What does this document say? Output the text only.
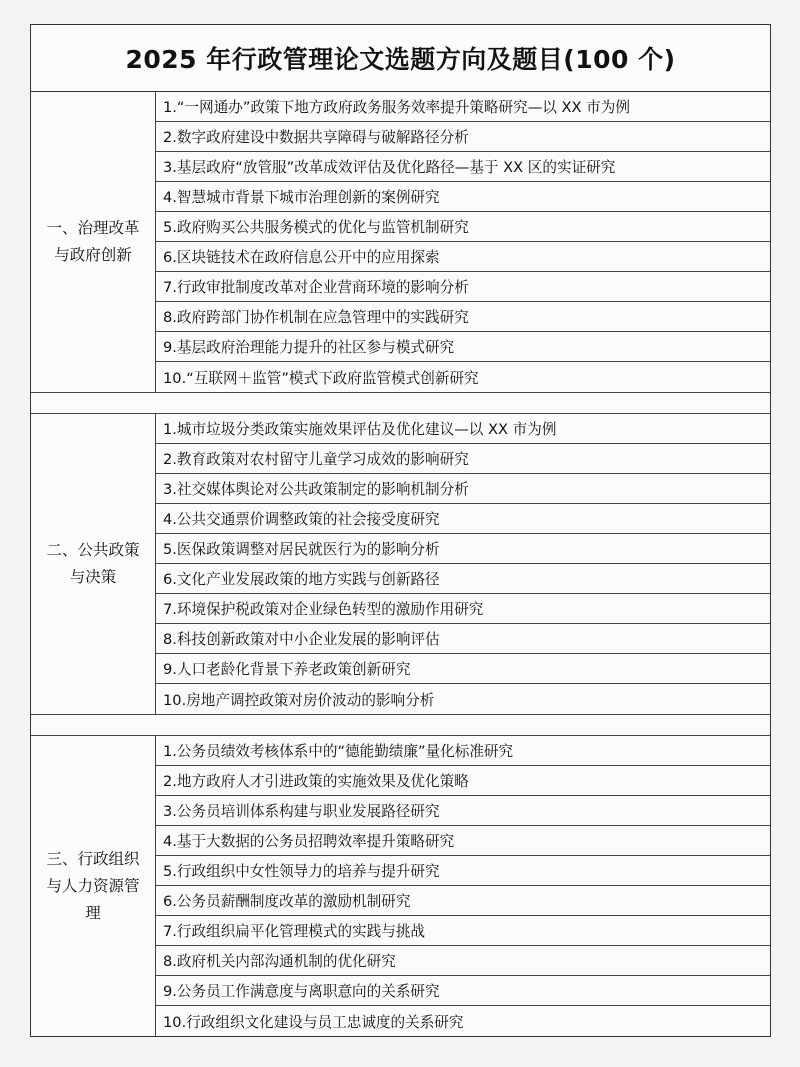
2025 年行政管理论文选题方向及题目(100 个)
一、治理改革与政府创新
1.“一网通办”政策下地方政府政务服务效率提升策略研究—以 XX 市为例
2.数字政府建设中数据共享障碍与破解路径分析
3.基层政府“放管服”改革成效评估及优化路径—基于 XX 区的实证研究
4.智慧城市背景下城市治理创新的案例研究
5.政府购买公共服务模式的优化与监管机制研究
6.区块链技术在政府信息公开中的应用探索
7.行政审批制度改革对企业营商环境的影响分析
8.政府跨部门协作机制在应急管理中的实践研究
9.基层政府治理能力提升的社区参与模式研究
10.“互联网＋监管”模式下政府监管模式创新研究
二、公共政策与决策
1.城市垃圾分类政策实施效果评估及优化建议—以 XX 市为例
2.教育政策对农村留守儿童学习成效的影响研究
3.社交媒体舆论对公共政策制定的影响机制分析
4.公共交通票价调整政策的社会接受度研究
5.医保政策调整对居民就医行为的影响分析
6.文化产业发展政策的地方实践与创新路径
7.环境保护税政策对企业绿色转型的激励作用研究
8.科技创新政策对中小企业发展的影响评估
9.人口老龄化背景下养老政策创新研究
10.房地产调控政策对房价波动的影响分析
三、行政组织与人力资源管理
1.公务员绩效考核体系中的“德能勤绩廉”量化标准研究
2.地方政府人才引进政策的实施效果及优化策略
3.公务员培训体系构建与职业发展路径研究
4.基于大数据的公务员招聘效率提升策略研究
5.行政组织中女性领导力的培养与提升研究
6.公务员薪酬制度改革的激励机制研究
7.行政组织扁平化管理模式的实践与挑战
8.政府机关内部沟通机制的优化研究
9.公务员工作满意度与离职意向的关系研究
10.行政组织文化建设与员工忠诚度的关系研究
